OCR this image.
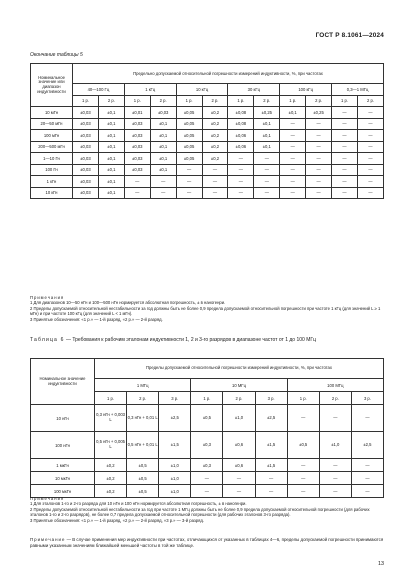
ГОСТ Р 8.1061—2024
Окончание таблицы 5
Номинальное значение или диапазон индуктивности	Предельно допускаемой относительной погрешности измерений индуктивности, %, при частотах											
	40—100 Гц		1 кГц		10 кГц		30 кГц		100 кГц		0,3—1 МГц	
	1 р.	2 р.	1 р.	2 р.	1 р.	2 р.	1 р.	2 р.	1 р.	2 р.	1 р.	2 р.
10 мГн	±0,03	±0,1	±0,01	±0,03	±0,05	±0,2	±0,08	±0,25	±0,1	±0,25	—	—
20—50 мГн	±0,03	±0,1	±0,03	±0,1	±0,05	±0,2	±0,08	±0,1	—	—	—	—
100 мГн	±0,03	±0,1	±0,03	±0,1	±0,05	±0,2	±0,06	±0,1	—	—	—	—
200—500 мГн	±0,03	±0,1	±0,03	±0,1	±0,05	±0,2	±0,06	±0,1	—	—	—	—
1—10 Гн	±0,03	±0,1	±0,03	±0,1	±0,05	±0,2	—	—	—	—	—	—
100 Гн	±0,03	±0,1	±0,03	±0,1	—	—	—	—	—	—	—	—
1 кГн	±0,03	±0,1	—	—	—	—	—	—	—	—	—	—
10 кГн	±0,03	±0,1	—	—	—	—	—	—	—	—	—	—

Примечания

1 Для диапазонов 10—50 нГн и 100—500 нГн нормируется абсолютная погрешность, ± в наногенри.

2 Пределы допускаемой относительной нестабильности за год должны быть не более 0,9 предела допускаемой относительной погрешности при частоте 1 кГц (для значений L ≥ 1 мГн) и при частоте 100 кГц (для значений L < 1 мГн).

3 Принятые обозначения: «1 р.» — 1-й разряд, «2 р.» — 2-й разряд.

Таблица 6 — Требования к рабочим эталонам индуктивности 1, 2 и 3-го разрядов в диапазоне частот от 1 до 100 МГц
Номинальное значение индуктивности	Пределы допускаемой относительной погрешности измерений индуктивности, %, при частотах								
	1 МГц			10 МГц			100 МГц		
	1 р.	2 р.	3 р.	1 р.	2 р.	3 р.	1 р.	2 р.	3 р.
10 нГн	0,3 нГн + 0,003 L	0,3 нГн + 0,01 L	±2,5	±0,5	±1,0	±2,5	—	—	—
100 нГн	0,5 нГн + 0,005 L	0,5 нГн + 0,01 L	±1,5	±0,3	±0,6	±1,5	±0,5	±1,0	±2,5
1 мкГн	±0,2	±0,5	±1,0	±0,3	±0,6	±1,5	—	—	—
10 мкГн	±0,2	±0,5	±1,0	—	—	—	—	—	—
100 мкГн	±0,2	±0,5	±1,0	—	—	—	—	—	—

Примечания

1 Для эталонов 1-го и 2-го разряда для 10 нГн и 100 нГн нормируется абсолютная погрешность, ± в наногенри.

2 Пределы допускаемой относительной нестабильности за год при частоте 1 МГц должны быть не более 0,9 предела допускаемой относительной погрешности (для рабочих эталонов 1-го и 2-го разрядов), не более 0,7 предела допускаемой относительной погрешности (для рабочих эталонов 3-го разряда).

3 Принятые обозначения: «1 р.» — 1-й разряд, «2 р.» — 2-й разряд, «3 р.» — 3-й разряд.

Примечание — В случае применения мер индуктивности при частотах, отличающихся от указанных в таблицах 4—6, пределы допускаемой погрешности принимаются равными указанным значениям ближайшей меньшей частоты в той же таблице.
13
